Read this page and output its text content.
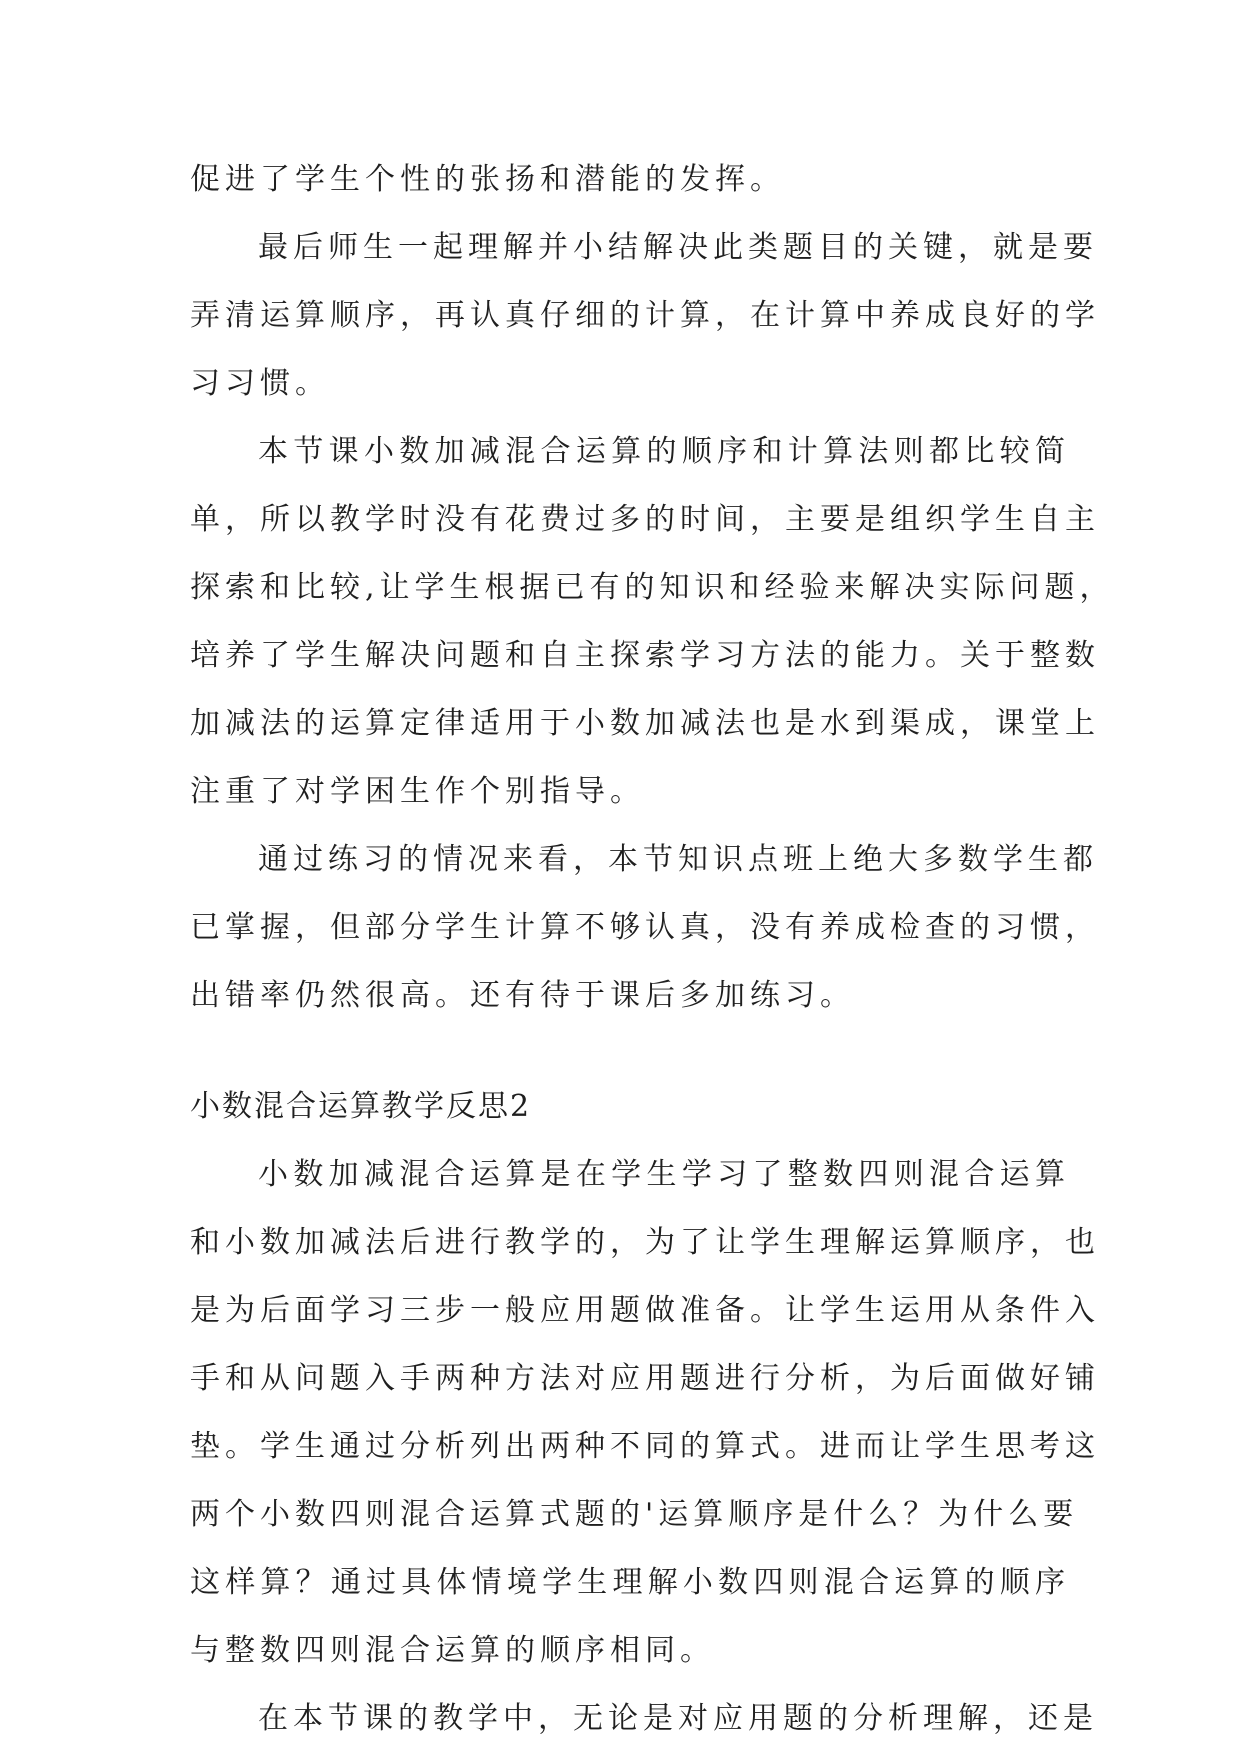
促进了学生个性的张扬和潜能的发挥。
最后师生一起理解并小结解决此类题目的关键，就是要
弄清运算顺序，再认真仔细的计算，在计算中养成良好的学
习习惯。
本节课小数加减混合运算的顺序和计算法则都比较简
单，所以教学时没有花费过多的时间，主要是组织学生自主
探索和比较,让学生根据已有的知识和经验来解决实际问题，
培养了学生解决问题和自主探索学习方法的能力。关于整数
加减法的运算定律适用于小数加减法也是水到渠成，课堂上
注重了对学困生作个别指导。
通过练习的情况来看，本节知识点班上绝大多数学生都
已掌握，但部分学生计算不够认真，没有养成检查的习惯，
出错率仍然很高。还有待于课后多加练习。
小数混合运算教学反思2
小数加减混合运算是在学生学习了整数四则混合运算
和小数加减法后进行教学的，为了让学生理解运算顺序，也
是为后面学习三步一般应用题做准备。让学生运用从条件入
手和从问题入手两种方法对应用题进行分析，为后面做好铺
垫。学生通过分析列出两种不同的算式。进而让学生思考这
两个小数四则混合运算式题的'运算顺序是什么？为什么要
这样算？通过具体情境学生理解小数四则混合运算的顺序
与整数四则混合运算的顺序相同。
在本节课的教学中，无论是对应用题的分析理解，还是
